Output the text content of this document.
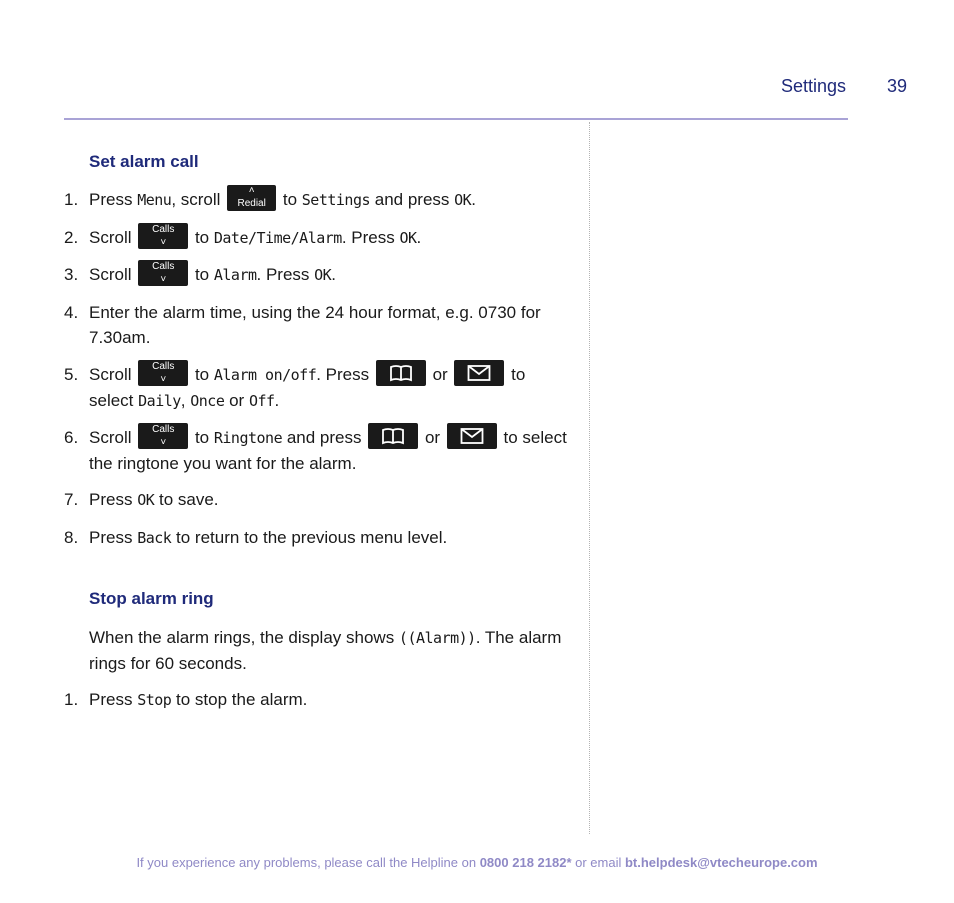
Settings 39
Set alarm call
1. Press Menu, scroll	˄
Redial to Settings and press OK.
2. Scroll	Calls
˅	to Date/Time/Alarm. Press OK.
3. Scroll	Calls
˅	to Alarm. Press OK.
4. Enter the alarm time, using the 24 hour format, e.g. 0730 for 7.30am.
5. Scroll	Calls
˅	to Alarm on/off. Press	or	to select Daily, Once or Off.
6. Scroll	Calls
˅	to Ringtone and press	or	to select the ringtone you want for the alarm.
7. Press OK to save.
8. Press Back to return to the previous menu level.
Stop alarm ring
When the alarm rings, the display shows ((Alarm)). The alarm rings for 60 seconds.
1. Press Stop to stop the alarm.
If you experience any problems, please call the Helpline on 0800 218 2182* or email bt.helpdesk@vtecheurope.com
